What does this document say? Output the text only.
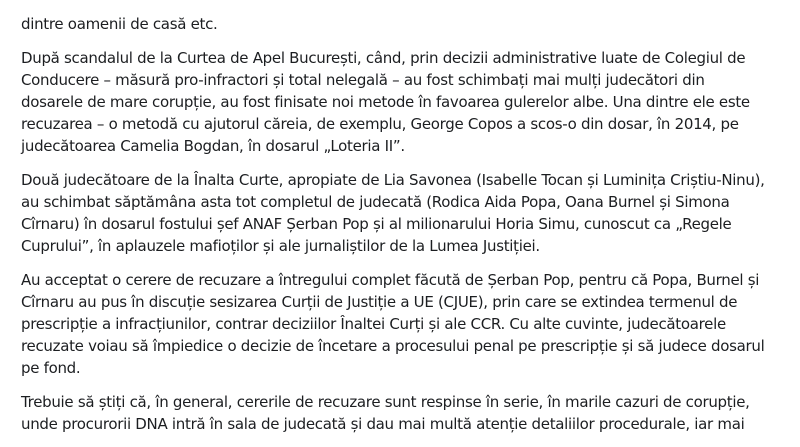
dintre oamenii de casă etc.

După scandalul de la Curtea de Apel București, când, prin decizii administrative luate de Colegiul de
Conducere – măsură pro-infractori și total nelegală – au fost schimbați mai mulți judecători din
dosarele de mare corupție, au fost finisate noi metode în favoarea gulerelor albe. Una dintre ele este
recuzarea – o metodă cu ajutorul căreia, de exemplu, George Copos a scos-o din dosar, în 2014, pe
judecătoarea Camelia Bogdan, în dosarul „Loteria II”.

Două judecătoare de la Înalta Curte, apropiate de Lia Savonea (Isabelle Tocan și Luminița Criștiu-Ninu),
au schimbat săptămâna asta tot completul de judecată (Rodica Aida Popa, Oana Burnel și Simona
Cîrnaru) în dosarul fostului șef ANAF Șerban Pop și al milionarului Horia Simu, cunoscut ca „Regele
Cuprului”, în aplauzele mafioților și ale jurnaliștilor de la Lumea Justiției.

Au acceptat o cerere de recuzare a întregului complet făcută de Șerban Pop, pentru că Popa, Burnel și
Cîrnaru au pus în discuție sesizarea Curții de Justiție a UE (CJUE), prin care se extindea termenul de
prescripție a infracțiunilor, contrar deciziilor Înaltei Curți și ale CCR. Cu alte cuvinte, judecătoarele
recuzate voiau să împiedice o decizie de încetare a procesului penal pe prescripție și să judece dosarul
pe fond.

Trebuie să știți că, în general, cererile de recuzare sunt respinse în serie, în marile cazuri de corupție,
unde procurorii DNA intră în sala de judecată și dau mai multă atenție detaliilor procedurale, iar mai
